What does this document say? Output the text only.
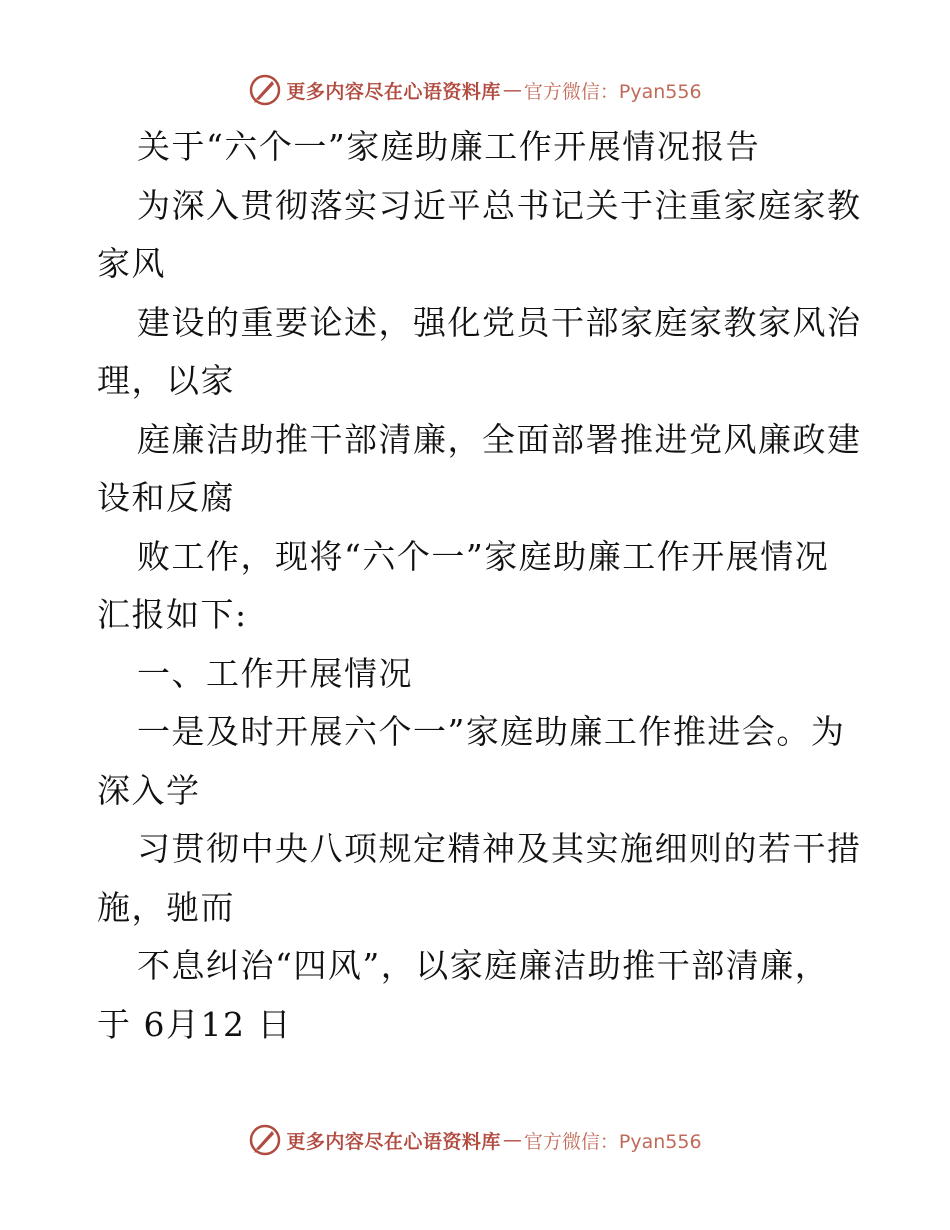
更多内容尽在心语资料库 — 官方微信：Pyan556
关于“六个一”家庭助廉工作开展情况报告
为深入贯彻落实习近平总书记关于注重家庭家教
家风
建设的重要论述，强化党员干部家庭家教家风治
理，以家
庭廉洁助推干部清廉，全面部署推进党风廉政建
设和反腐
败工作，现将“六个一”家庭助廉工作开展情况
汇报如下:
一、工作开展情况
一是及时开展六个一”家庭助廉工作推进会。为
深入学
习贯彻中央八项规定精神及其实施细则的若干措
施，驰而
不息纠治“四风”，以家庭廉洁助推干部清廉，
于 6月12 日
更多内容尽在心语资料库 — 官方微信：Pyan556
